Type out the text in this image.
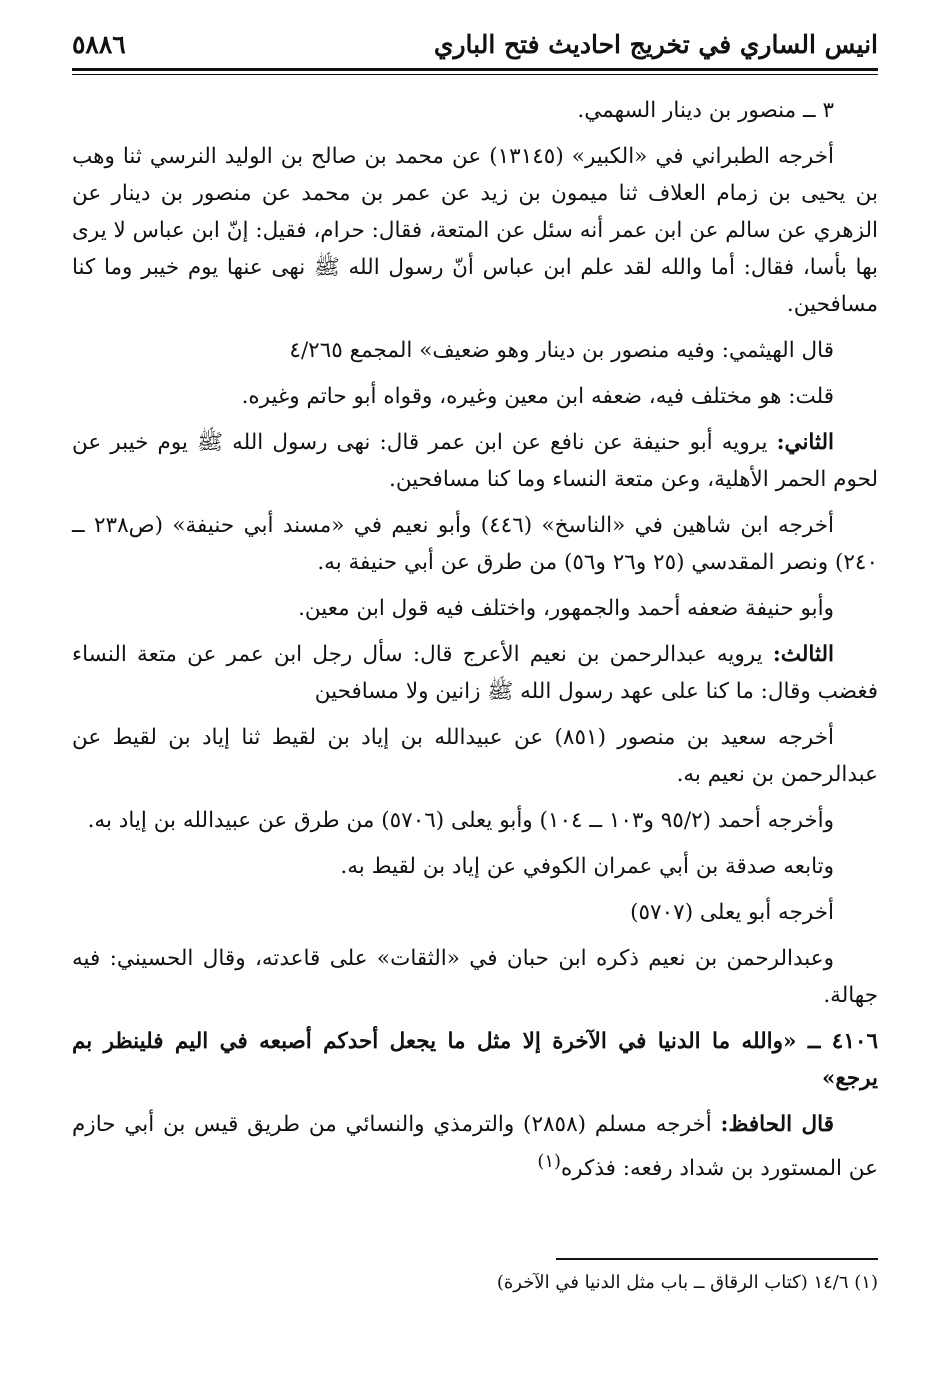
٥٨٨٦	انيس الساري في تخريج احاديث فتح الباري

٣ ــ منصور بن دينار السهمي.

أخرجه الطبراني في «الكبير» (١٣١٤٥) عن محمد بن صالح بن الوليد النرسي ثنا وهب بن يحيى بن زمام العلاف ثنا ميمون بن زيد عن عمر بن محمد عن منصور بن دينار عن الزهري عن سالم عن ابن عمر أنه سئل عن المتعة، فقال: حرام، فقيل: إنّ ابن عباس لا يرى بها بأسا، فقال: أما والله لقد علم ابن عباس أنّ رسول الله ﷺ نهى عنها يوم خيبر وما كنا مسافحين.

قال الهيثمي: وفيه منصور بن دينار وهو ضعيف» المجمع ٤/٢٦٥

قلت: هو مختلف فيه، ضعفه ابن معين وغيره، وقواه أبو حاتم وغيره.

الثاني: يرويه أبو حنيفة عن نافع عن ابن عمر قال: نهى رسول الله ﷺ يوم خيبر عن لحوم الحمر الأهلية، وعن متعة النساء وما كنا مسافحين.

أخرجه ابن شاهين في «الناسخ» (٤٤٦) وأبو نعيم في «مسند أبي حنيفة» (ص٢٣٨ ــ ٢٤٠) ونصر المقدسي (٢٥ و٢٦ و٥٦) من طرق عن أبي حنيفة به.

وأبو حنيفة ضعفه أحمد والجمهور، واختلف فيه قول ابن معين.

الثالث: يرويه عبدالرحمن بن نعيم الأعرج قال: سأل رجل ابن عمر عن متعة النساء فغضب وقال: ما كنا على عهد رسول الله ﷺ زانين ولا مسافحين

أخرجه سعيد بن منصور (٨٥١) عن عبيدالله بن إياد بن لقيط ثنا إياد بن لقيط عن عبدالرحمن بن نعيم به.

وأخرجه أحمد (٩٥/٢ و١٠٣ ــ ١٠٤) وأبو يعلى (٥٧٠٦) من طرق عن عبيدالله بن إياد به.

وتابعه صدقة بن أبي عمران الكوفي عن إياد بن لقيط به.

أخرجه أبو يعلى (٥٧٠٧)

وعبدالرحمن بن نعيم ذكره ابن حبان في «الثقات» على قاعدته، وقال الحسيني: فيه جهالة.

٤١٠٦ ــ «والله ما الدنيا في الآخرة إلا مثل ما يجعل أحدكم أصبعه في اليم فلينظر بم يرجع»

قال الحافظ: أخرجه مسلم (٢٨٥٨) والترمذي والنسائي من طريق قيس بن أبي حازم عن المستورد بن شداد رفعه: فذكره$^{(١)}$

(١) ١٤/٦ (كتاب الرقاق ــ باب مثل الدنيا في الآخرة)
